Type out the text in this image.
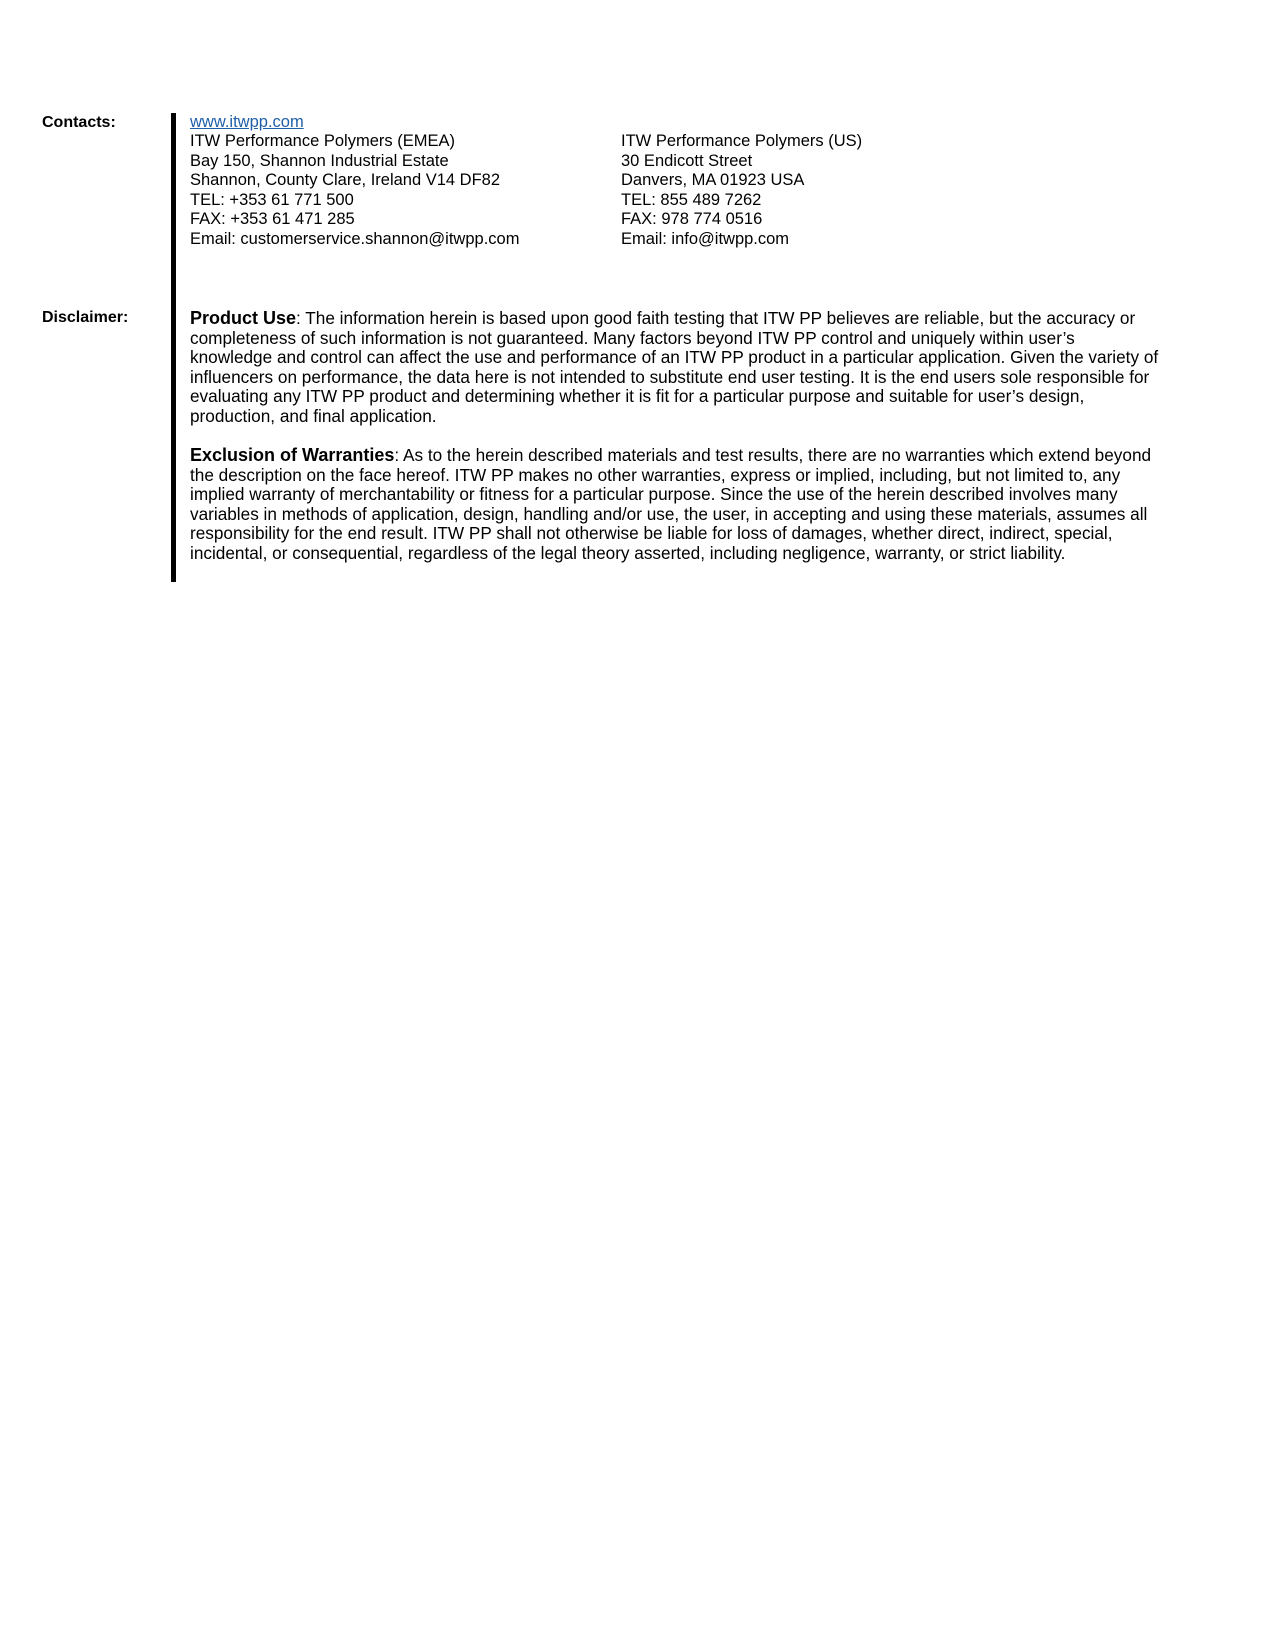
Contacts:	www.itwpp.com
ITW Performance Polymers (EMEA)
Bay 150, Shannon Industrial Estate
Shannon, County Clare, Ireland V14 DF82
TEL: +353 61 771 500
FAX: +353 61 471 285
Email: customerservice.shannon@itwpp.com
ITW Performance Polymers (US)
30 Endicott Street
Danvers, MA 01923 USA
TEL: 855 489 7262
FAX: 978 774 0516
Email: info@itwpp.com
Disclaimer:	Product Use: The information herein is based upon good faith testing that ITW PP believes are reliable, but the accuracy or completeness of such information is not guaranteed. Many factors beyond ITW PP control and uniquely within user’s knowledge and control can affect the use and performance of an ITW PP product in a particular application. Given the variety of influencers on performance, the data here is not intended to substitute end user testing. It is the end users sole responsible for evaluating any ITW PP product and determining whether it is fit for a particular purpose and suitable for user’s design, production, and final application.

Exclusion of Warranties: As to the herein described materials and test results, there are no warranties which extend beyond the description on the face hereof. ITW PP makes no other warranties, express or implied, including, but not limited to, any implied warranty of merchantability or fitness for a particular purpose. Since the use of the herein described involves many variables in methods of application, design, handling and/or use, the user, in accepting and using these materials, assumes all responsibility for the end result. ITW PP shall not otherwise be liable for loss of damages, whether direct, indirect, special, incidental, or consequential, regardless of the legal theory asserted, including negligence, warranty, or strict liability.
